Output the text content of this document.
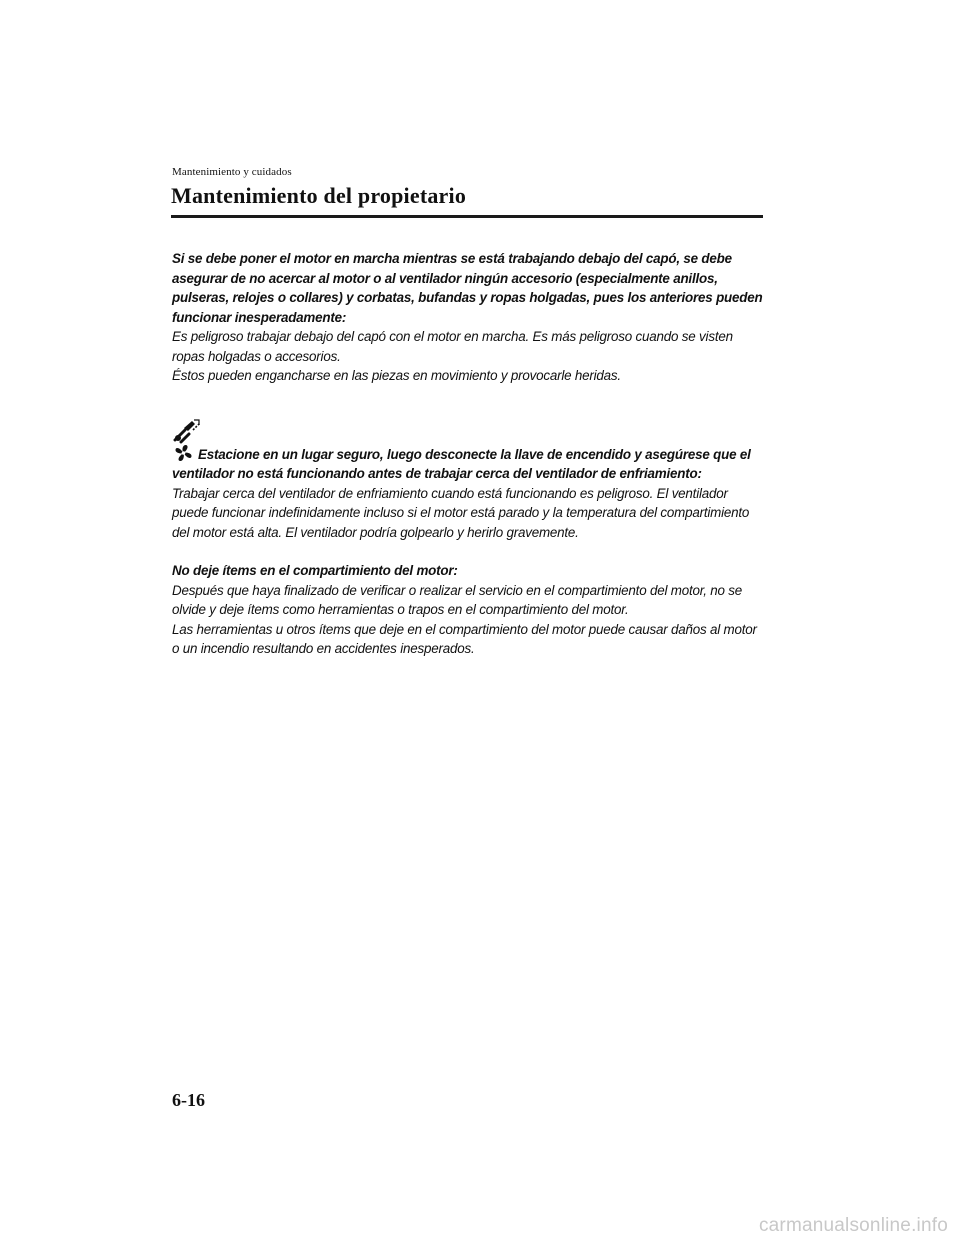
Mantenimiento y cuidados
Mantenimiento del propietario

Si se debe poner el motor en marcha mientras se está trabajando debajo del capó, se debe asegurar de no acercar al motor o al ventilador ningún accesorio (especialmente anillos, pulseras, relojes o collares) y corbatas, bufandas y ropas holgadas, pues los anteriores pueden funcionar inesperadamente:

Es peligroso trabajar debajo del capó con el motor en marcha. Es más peligroso cuando se visten ropas holgadas o accesorios.

Éstos pueden engancharse en las piezas en movimiento y provocarle heridas.

Estacione en un lugar seguro, luego desconecte la llave de encendido y asegúrese que el ventilador no está funcionando antes de trabajar cerca del ventilador de enfriamiento:

Trabajar cerca del ventilador de enfriamiento cuando está funcionando es peligroso. El ventilador puede funcionar indefinidamente incluso si el motor está parado y la temperatura del compartimiento del motor está alta. El ventilador podría golpearlo y herirlo gravemente.

No deje ítems en el compartimiento del motor:

Después que haya finalizado de verificar o realizar el servicio en el compartimiento del motor, no se olvide y deje ítems como herramientas o trapos en el compartimiento del motor.

Las herramientas u otros ítems que deje en el compartimiento del motor puede causar daños al motor o un incendio resultando en accidentes inesperados.

6-16
carmanualsonline.info
